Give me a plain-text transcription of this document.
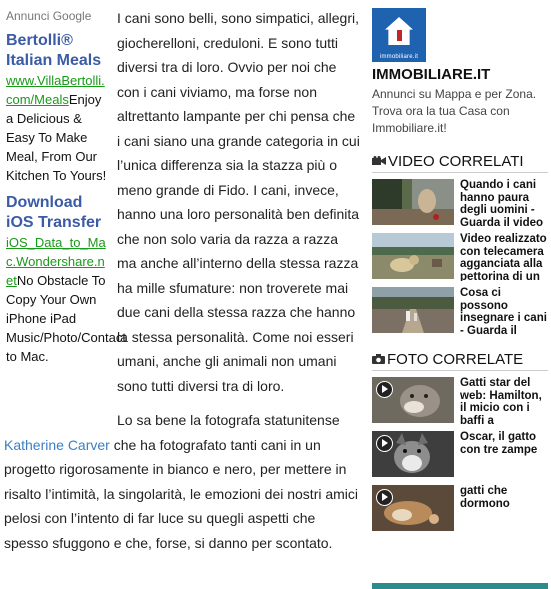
Annunci Google
Bertolli® Italian Meals
www.VillaBertolli.com/MealsEnjoy a Delicious & Easy To Make Meal, From Our Kitchen To Yours!
Download iOS Transfer
iOS_Data_to_Mac.Wondershare.netNo Obstacle To Copy Your Own iPhone iPad Music/Photo/Contact to Mac.

I cani sono belli, sono simpatici, allegri, giocherelloni, creduloni. E sono tutti diversi tra di loro. Ovvio per noi che con i cani viviamo, ma forse non altrettanto lampante per chi pensa che i cani siano una grande categoria in cui l’unica differenza sia la stazza più o meno grande di Fido. I cani, invece, hanno una loro personalità ben definita che non solo varia da razza a razza ma anche all’interno della stessa razza ha mille sfumature: non troverete mai due cani della stessa razza che hanno la stessa personalità. Come noi esseri umani, anche gli animali non umani sono tutti diversi tra di loro.

Lo sa bene la fotografa statunitense Katherine Carver che ha fotografato tanti cani in un progetto rigorosamente in bianco e nero, per mettere in risalto l’intimità, la singolarità, le emozioni dei nostri amici pelosi con l’intento di far luce su quegli aspetti che spesso sfuggono e che, forse, si danno per scontato.

immobiliare.it
IMMOBILIARE.IT
Annunci su Mappa e per Zona. Trova ora la tua Casa con Immobiliare.it!
VIDEO CORRELATI
Quando i cani hanno paura degli uomini - Guarda il video
Video realizzato con telecamera agganciata alla pettorina di un
Cosa ci possono insegnare i cani - Guarda il
FOTO CORRELATE
Gatti star del web: Hamilton, il micio con i baffi a
Oscar, il gatto con tre zampe
gatti che dormono
